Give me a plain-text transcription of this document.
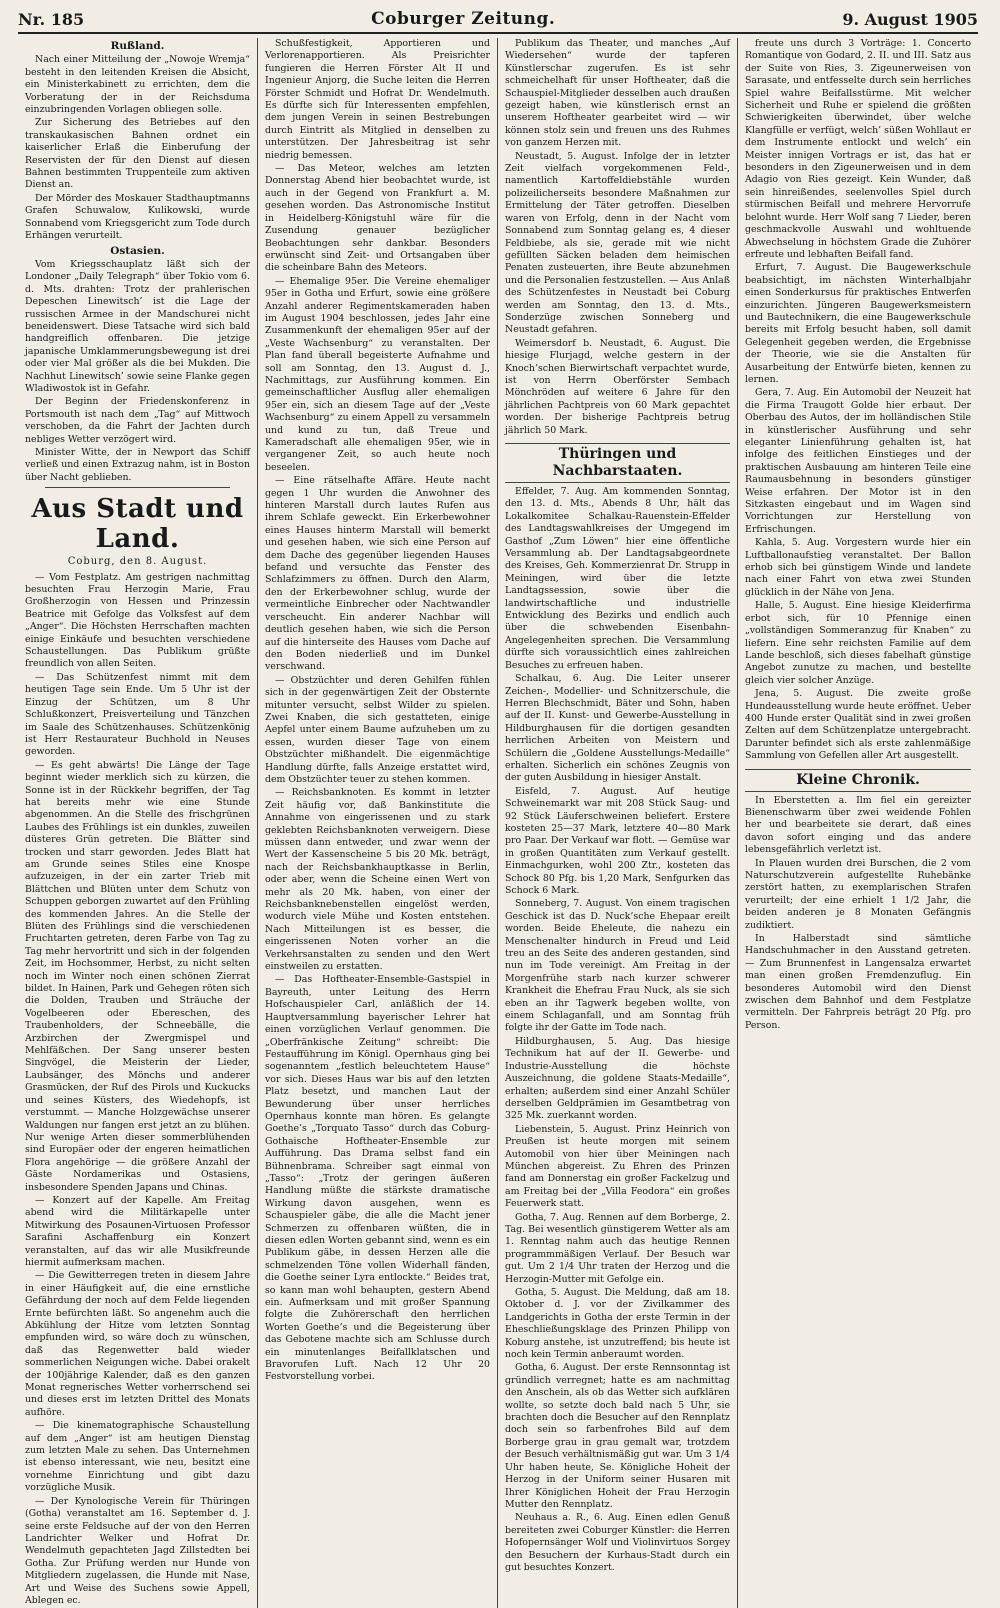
Nr. 185	Coburger Zeitung.	9. August 1905
Rußland.

Nach einer Mitteilung der „Nowoje Wremja“ besteht in den leitenden Kreisen die Absicht, ein Ministerkabinett zu errichten, dem die Vorberatung der in der Reichsduma einzubringenden Vorlagen obliegen solle.

Zur Sicherung des Betriebes auf den transkaukasischen Bahnen ordnet ein kaiserlicher Erlaß die Einberufung der Reservisten der für den Dienst auf diesen Bahnen bestimmten Truppenteile zum aktiven Dienst an.

Der Mörder des Moskauer Stadthauptmanns Grafen Schuwalow, Kulikowski, wurde Sonnabend vom Kriegsgericht zum Tode durch Erhängen verurteilt.

Ostasien.

Vom Kriegsschauplatz läßt sich der Londoner „Daily Telegraph“ über Tokio vom 6. d. Mts. drahten: Trotz der prahlerischen Depeschen Linewitsch’ ist die Lage der russischen Armee in der Mandschurei nicht beneidenswert. Diese Tatsache wird sich bald handgreiflich offenbaren. Die jetzige japanische Umklammerungsbewegung ist drei oder vier Mal größer als die bei Mukden. Die Nachhut Linewitsch’ sowie seine Flanke gegen Wladiwostok ist in Gefahr.

Der Beginn der Friedenskonferenz in Portsmouth ist nach dem „Tag“ auf Mittwoch verschoben, da die Fahrt der Jachten durch nebliges Wetter verzögert wird.

Minister Witte, der in Newport das Schiff verließ und einen Extrazug nahm, ist in Boston über Nacht geblieben.

Aus Stadt und Land.
Coburg, den 8. August.

— Vom Festplatz. Am gestrigen nachmittag besuchten Frau Herzogin Marie, Frau Großherzogin von Hessen und Prinzessin Beatrice mit Gefolge das Volksfest auf dem „Anger“. Die Höchsten Herrschaften machten einige Einkäufe und besuchten verschiedene Schaustellungen. Das Publikum grüßte freundlich von allen Seiten.

— Das Schützenfest nimmt mit dem heutigen Tage sein Ende. Um 5 Uhr ist der Einzug der Schützen, um 8 Uhr Schlußkonzert, Preisverteilung und Tänzchen im Saale des Schützenhauses. Schützenkönig ist Herr Restaurateur Buchhold in Neuses geworden.

— Es geht abwärts! Die Länge der Tage beginnt wieder merklich sich zu kürzen, die Sonne ist in der Rückkehr begriffen, der Tag hat bereits mehr wie eine Stunde abgenommen. An die Stelle des frischgrünen Laubes des Frühlings ist ein dunkles, zuweilen düsteres Grün getreten. Die Blätter sind trocken und starr geworden. Jedes Blatt hat am Grunde seines Stiles eine Knospe aufzuzeigen, in der ein zarter Trieb mit Blättchen und Blüten unter dem Schutz von Schuppen geborgen zuwartet auf den Frühling des kommenden Jahres. An die Stelle der Blüten des Frühlings sind die verschiedenen Fruchtarten getreten, deren Farbe von Tag zu Tag mehr hervortritt und sich in der folgenden Zeit, im Hochsommer, Herbst, zu nicht selten noch im Winter noch einen schönen Zierrat bildet. In Hainen, Park und Gehegen röten sich die Dolden, Trauben und Sträuche der Vogelbeeren oder Ebereschen, des Traubenholders, der Schneebälle, die Arzbirchen der Zwergmispel und Mehlfäßchen. Der Sang unserer besten Singvögel, die Meisterin der Lieder, Laubsänger, des Mönchs und anderer Grasmücken, der Ruf des Pirols und Kuckucks und seines Küsters, des Wiedehopfs, ist verstummt. — Manche Holzgewächse unserer Waldungen nur fangen erst jetzt an zu blühen. Nur wenige Arten dieser sommerblühenden sind Europäer oder der engeren heimatlichen Flora angehörige — die größere Anzahl der Gäste Nordamerikas und Ostasiens, insbesondere Spenden Japans und Chinas.

— Konzert auf der Kapelle. Am Freitag abend wird die Militärkapelle unter Mitwirkung des Posaunen-Virtuosen Professor Sarafini Aschaffenburg ein Konzert veranstalten, auf das wir alle Musikfreunde hiermit aufmerksam machen.

— Die Gewitterregen treten in diesem Jahre in einer Häufigkeit auf, die eine ernstliche Gefährdung der noch auf dem Felde liegenden Ernte befürchten läßt. So angenehm auch die Abkühlung der Hitze vom letzten Sonntag empfunden wird, so wäre doch zu wünschen, daß das Regenwetter bald wieder sommerlichen Neigungen wiche. Dabei orakelt der 100jährige Kalender, daß es den ganzen Monat regnerisches Wetter vorherrschend sei und dieses erst im letzten Drittel des Monats aufhöre.

— Die kinematographische Schaustellung auf dem „Anger“ ist am heutigen Dienstag zum letzten Male zu sehen. Das Unternehmen ist ebenso interessant, wie neu, besitzt eine vornehme Einrichtung und gibt dazu vorzügliche Musik.

— Der Kynologische Verein für Thüringen (Gotha) veranstaltet am 16. September d. J. seine erste Feldsuche auf der von den Herren Landrichter Welker und Hofrat Dr. Wendelmuth gepachteten Jagd Zillstedten bei Gotha. Zur Prüfung werden nur Hunde von Mitgliedern zugelassen, die Hunde mit Nase, Art und Weise des Suchens sowie Appell, Ablegen ec.

Schußfestigkeit, Apportieren und Verlorenapportieren. Als Preisrichter fungieren die Herren Förster Alt II und Ingenieur Anjorg, die Suche leiten die Herren Förster Schmidt und Hofrat Dr. Wendelmuth. Es dürfte sich für Interessenten empfehlen, dem jungen Verein in seinen Bestrebungen durch Eintritt als Mitglied in denselben zu unterstützen. Der Jahresbeitrag ist sehr niedrig bemessen.

— Das Meteor, welches am letzten Donnerstag Abend hier beobachtet wurde, ist auch in der Gegend von Frankfurt a. M. gesehen worden. Das Astronomische Institut in Heidelberg-Königstuhl wäre für die Zusendung genauer bezüglicher Beobachtungen sehr dankbar. Besonders erwünscht sind Zeit- und Ortsangaben über die scheinbare Bahn des Meteors.

— Ehemalige 95er. Die Vereine ehemaliger 95er in Gotha und Erfurt, sowie eine größere Anzahl anderer Regimentskameraden haben im August 1904 beschlossen, jedes Jahr eine Zusammenkunft der ehemaligen 95er auf der „Veste Wachsenburg“ zu veranstalten. Der Plan fand überall begeisterte Aufnahme und soll am Sonntag, den 13. August d. J., Nachmittags, zur Ausführung kommen. Ein gemeinschaftlicher Ausflug aller ehemaligen 95er ein, sich an diesem Tage auf der „Veste Wachsenburg“ zu einem Appell zu versammeln und kund zu tun, daß Treue und Kameradschaft alle ehemaligen 95er, wie in vergangener Zeit, so auch heute noch beseelen.

— Eine rätselhafte Affäre. Heute nacht gegen 1 Uhr wurden die Anwohner des hinteren Marstall durch lautes Rufen aus ihrem Schlafe geweckt. Ein Erkerbewohner eines Hauses hinterm Marstall will bemerkt und gesehen haben, wie sich eine Person auf dem Dache des gegenüber liegenden Hauses befand und versuchte das Fenster des Schlafzimmers zu öffnen. Durch den Alarm, den der Erkerbewohner schlug, wurde der vermeintliche Einbrecher oder Nachtwandler verscheucht. Ein anderer Nachbar will deutlich gesehen haben, wie sich die Person auf die hinterseite des Hauses vom Dache auf den Boden niederließ und im Dunkel verschwand.

— Obstzüchter und deren Gehilfen fühlen sich in der gegenwärtigen Zeit der Obsternte mitunter versucht, selbst Wilder zu spielen. Zwei Knaben, die sich gestatteten, einige Aepfel unter einem Baume aufzuheben um zu essen, wurden dieser Tage von einem Obstzüchter mißhandelt. Die eigenmächtige Handlung dürfte, falls Anzeige erstattet wird, dem Obstzüchter teuer zu stehen kommen.

— Reichsbanknoten. Es kommt in letzter Zeit häufig vor, daß Bankinstitute die Annahme von eingerissenen und zu stark geklebten Reichsbanknoten verweigern. Diese müssen dann entweder, und zwar wenn der Wert der Kassenscheine 5 bis 20 Mk. beträgt, nach der Reichsbankhauptkasse in Berlin, oder aber, wenn die Scheine einen Wert von mehr als 20 Mk. haben, von einer der Reichsbanknebenstellen eingelöst werden, wodurch viele Mühe und Kosten entstehen. Nach Mitteilungen ist es besser, die eingerissenen Noten vorher an die Verkehrsanstalten zu senden und den Wert einstweilen zu erstatten.

— Das Hoftheater-Ensemble-Gastspiel in Bayreuth, unter Leitung des Herrn Hofschauspieler Carl, anläßlich der 14. Hauptversammlung bayerischer Lehrer hat einen vorzüglichen Verlauf genommen. Die „Oberfränkische Zeitung“ schreibt: Die Festaufführung im Königl. Opernhaus ging bei sogenanntem „festlich beleuchtetem Hause“ vor sich. Dieses Haus war bis auf den letzten Platz besetzt, und manchen Laut der Bewunderung über unser herrliches Opernhaus konnte man hören. Es gelangte Goethe’s „Torquato Tasso“ durch das Coburg-Gothaische Hoftheater-Ensemble zur Aufführung. Das Drama selbst fand ein Bühnenbrama. Schreiber sagt einmal von „Tasso“: „Trotz der geringen äußeren Handlung müßte die stärkste dramatische Wirkung davon ausgehen, wenn es Schauspieler gäbe, die alle die Macht jener Schmerzen zu offenbaren wüßten, die in diesen edlen Worten gebannt sind, wenn es ein Publikum gäbe, in dessen Herzen alle die schmelzenden Töne vollen Widerhall fänden, die Goethe seiner Lyra entlockte.“ Beides trat, so kann man wohl behaupten, gestern Abend ein. Aufmerksam und mit großer Spannung folgte die Zuhörerschaft den herrlichen Worten Goethe’s und die Begeisterung über das Gebotene machte sich am Schlusse durch ein minutenlanges Beifallklatschen und Bravorufen Luft. Nach 12 Uhr 20 Festvorstellung vorbei.

Publikum das Theater, und manches „Auf Wiedersehen“ wurde der tapferen Künstlerschar zugerufen. Es ist sehr schmeichelhaft für unser Hoftheater, daß die Schauspiel-Mitglieder desselben auch draußen gezeigt haben, wie künstlerisch ernst an unserem Hoftheater gearbeitet wird — wir können stolz sein und freuen uns des Ruhmes von ganzem Herzen mit.

Neustadt, 5. August. Infolge der in letzter Zeit vielfach vorgekommenen Feld-, namentlich Kartoffeldiebstähle wurden polizeilicherseits besondere Maßnahmen zur Ermittelung der Täter getroffen. Dieselben waren von Erfolg, denn in der Nacht vom Sonnabend zum Sonntag gelang es, 4 dieser Feldbiebe, als sie, gerade mit wie nicht gefüllten Säcken beladen dem heimischen Penaten zusteuerten, ihre Beute abzunehmen und die Personalien festzustellen. — Aus Anlaß des Schützenfestes in Neustadt bei Coburg werden am Sonntag, den 13. d. Mts., Sonderzüge zwischen Sonneberg und Neustadt gefahren.

Weimersdorf b. Neustadt, 6. August. Die hiesige Flurjagd, welche gestern in der Knoch’schen Bierwirtschaft verpachtet wurde, ist von Herrn Oberförster Sembach Mönchröden auf weitere 6 Jahre für den jährlichen Pachtpreis von 60 Mark gepachtet worden. Der bisherige Pachtpreis betrug jährlich 50 Mark.

Thüringen und Nachbarstaaten.

Effelder, 7. Aug. Am kommenden Sonntag, den 13. d. Mts., Abends 8 Uhr, hält das Lokalkomitee Schalkau-Rauenstein-Effelder des Landtagswahlkreises der Umgegend im Gasthof „Zum Löwen“ hier eine öffentliche Versammlung ab. Der Landtagsabgeordnete des Kreises, Geh. Kommerzienrat Dr. Strupp in Meiningen, wird über die letzte Landtagssession, sowie über die landwirtschaftliche und industrielle Entwicklung des Bezirks und endlich auch über die schwebenden Eisenbahn-Angelegenheiten sprechen. Die Versammlung dürfte sich voraussichtlich eines zahlreichen Besuches zu erfreuen haben.

Schalkau, 6. Aug. Die Leiter unserer Zeichen-, Modellier- und Schnitzerschule, die Herren Blechschmidt, Bäter und Sohn, haben auf der II. Kunst- und Gewerbe-Ausstellung in Hildburghausen für die dortigen gesandten herrlichen Arbeiten von Meistern und Schülern die „Goldene Ausstellungs-Medaille“ erhalten. Sicherlich ein schönes Zeugnis von der guten Ausbildung in hiesiger Anstalt.

Eisfeld, 7. August. Auf heutige Schweinemarkt war mit 208 Stück Saug- und 92 Stück Läuferschweinen beliefert. Erstere kosteten 25—37 Mark, letztere 40—80 Mark pro Paar. Der Verkauf war flott. — Gemüse war in großen Quantitäten zum Verkauf gestellt. Einmachgurken, wohl 200 Ztr., kosteten das Schock 80 Pfg. bis 1,20 Mark, Senfgurken das Schock 6 Mark.

Sonneberg, 7. August. Von einem tragischen Geschick ist das D. Nuck’sche Ehepaar ereilt worden. Beide Eheleute, die nahezu ein Menschenalter hindurch in Freud und Leid treu an des Seite des anderen gestanden, sind nun im Tode vereinigt. Am Freitag in der Morgenfrühe starb nach kurzer schwerer Krankheit die Ehefrau Frau Nuck, als sie sich eben an ihr Tagwerk begeben wollte, von einem Schlaganfall, und am Sonntag früh folgte ihr der Gatte im Tode nach.

Hildburghausen, 5. Aug. Das hiesige Technikum hat auf der II. Gewerbe- und Industrie-Ausstellung die höchste Auszeichnung, die goldene Staats-Medaille“, erhalten; außerdem sind einer Anzahl Schüler derselben Geldprämien im Gesamtbetrag von 325 Mk. zuerkannt worden.

Liebenstein, 5. August. Prinz Heinrich von Preußen ist heute morgen mit seinem Automobil von hier über Meiningen nach München abgereist. Zu Ehren des Prinzen fand am Donnerstag ein großer Fackelzug und am Freitag bei der „Villa Feodora“ ein großes Feuerwerk statt.

Gotha, 7. Aug. Rennen auf dem Borberge, 2. Tag. Bei wesentlich günstigerem Wetter als am 1. Renntag nahm auch das heutige Rennen programmmäßigen Verlauf. Der Besuch war gut. Um 2 1/4 Uhr traten der Herzog und die Herzogin-Mutter mit Gefolge ein.

Gotha, 5. August. Die Meldung, daß am 18. Oktober d. J. vor der Zivilkammer des Landgerichts in Gotha der erste Termin in der Eheschließungsklage des Prinzen Philipp von Koburg anstehe, ist unzutreffend; bis heute ist noch kein Termin anberaumt worden.

Gotha, 6. August. Der erste Rennsonntag ist gründlich verregnet; hatte es am nachmittag den Anschein, als ob das Wetter sich aufklären wollte, so setzte doch bald nach 5 Uhr, sie brachten doch die Besucher auf den Rennplatz doch sein so farbenfrohes Bild auf dem Borberge grau in grau gemalt war, trotzdem der Besuch verhältnismäßig gut war. Um 3 1/4 Uhr haben heute, Se. Königliche Hoheit der Herzog in der Uniform seiner Husaren mit Ihrer Königlichen Hoheit der Frau Herzogin Mutter den Rennplatz.

Neuhaus a. R., 6. Aug. Einen edlen Genuß bereiteten zwei Coburger Künstler: die Herren Hofopernsänger Wolf und Violinvirtuos Sorgey den Besuchern der Kurhaus-Stadt durch ein gut besuchtes Konzert.

freute uns durch 3 Vorträge: 1. Concerto Romantique von Godard, 2. II. und III. Satz aus der Suite von Ries, 3. Zigeunerweisen von Sarasate, und entfesselte durch sein herrliches Spiel wahre Beifallsstürme. Mit welcher Sicherheit und Ruhe er spielend die größten Schwierigkeiten überwindet, über welche Klangfülle er verfügt, welch’ süßen Wohllaut er dem Instrumente entlockt und welch’ ein Meister innigen Vortrags er ist, das hat er besonders in den Zigeunerweisen und in dem Adagio von Ries gezeigt. Kein Wunder, daß sein hinreißendes, seelenvolles Spiel durch stürmischen Beifall und mehrere Hervorrufe belohnt wurde. Herr Wolf sang 7 Lieder, beren geschmackvolle Auswahl und wohltuende Abwechselung in höchstem Grade die Zuhörer erfreute und lebhaften Beifall fand.

Erfurt, 7. August. Die Baugewerkschule beabsichtigt, im nächsten Winterhalbjahr einen Sonderkursus für praktisches Entwerfen einzurichten. Jüngeren Baugewerksmeistern und Bautechnikern, die eine Baugewerkschule bereits mit Erfolg besucht haben, soll damit Gelegenheit gegeben werden, die Ergebnisse der Theorie, wie sie die Anstalten für Ausarbeitung der Entwürfe bieten, kennen zu lernen.

Gera, 7. Aug. Ein Automobil der Neuzeit hat die Firma Traugott Golde hier erbaut. Der Oberbau des Autos, der im holländischen Stile in künstlerischer Ausführung und sehr eleganter Linienführung gehalten ist, hat infolge des feitlichen Einstieges und der praktischen Ausbauung am hinteren Teile eine Raumausbehnung in besonders günstiger Weise erfahren. Der Motor ist in den Sitzkasten eingebaut und im Wagen sind Vorrichtungen zur Herstellung von Erfrischungen.

Kahla, 5. Aug. Vorgestern wurde hier ein Luftballonaufstieg veranstaltet. Der Ballon erhob sich bei günstigem Winde und landete nach einer Fahrt von etwa zwei Stunden glücklich in der Nähe von Jena.

Halle, 5. August. Eine hiesige Kleiderfirma erbot sich, für 10 Pfennige einen „vollständigen Sommeranzug für Knaben“ zu liefern. Eine sehr reichsten Familie auf dem Lande beschloß, sich dieses fabelhaft günstige Angebot zunutze zu machen, und bestellte gleich vier solcher Anzüge.

Jena, 5. August. Die zweite große Hundeausstellung wurde heute eröffnet. Ueber 400 Hunde erster Qualität sind in zwei großen Zelten auf dem Schützenplatze untergebracht. Darunter befindet sich als erste zahlenmäßige Sammlung von Gefellen aller Art ausgestellt.

Kleine Chronik.

In Eberstetten a. Ilm fiel ein gereizter Bienenschwarm über zwei weidende Fohlen her und bearbeitete sie derart, daß eines davon sofort einging und das andere lebensgefährlich verletzt ist.

In Plauen wurden drei Burschen, die 2 vom Naturschutzverein aufgestellte Ruhebänke zerstört hatten, zu exemplarischen Strafen verurteilt; der eine erhielt 1 1/2 Jahr, die beiden anderen je 8 Monaten Gefängnis zudiktiert.

In Halberstadt sind sämtliche Handschuhmacher in den Ausstand getreten. — Zum Brunnenfest in Langensalza erwartet man einen großen Fremdenzuflug. Ein besonderes Automobil wird den Dienst zwischen dem Bahnhof und dem Festplatze vermitteln. Der Fahrpreis beträgt 20 Pfg. pro Person.
